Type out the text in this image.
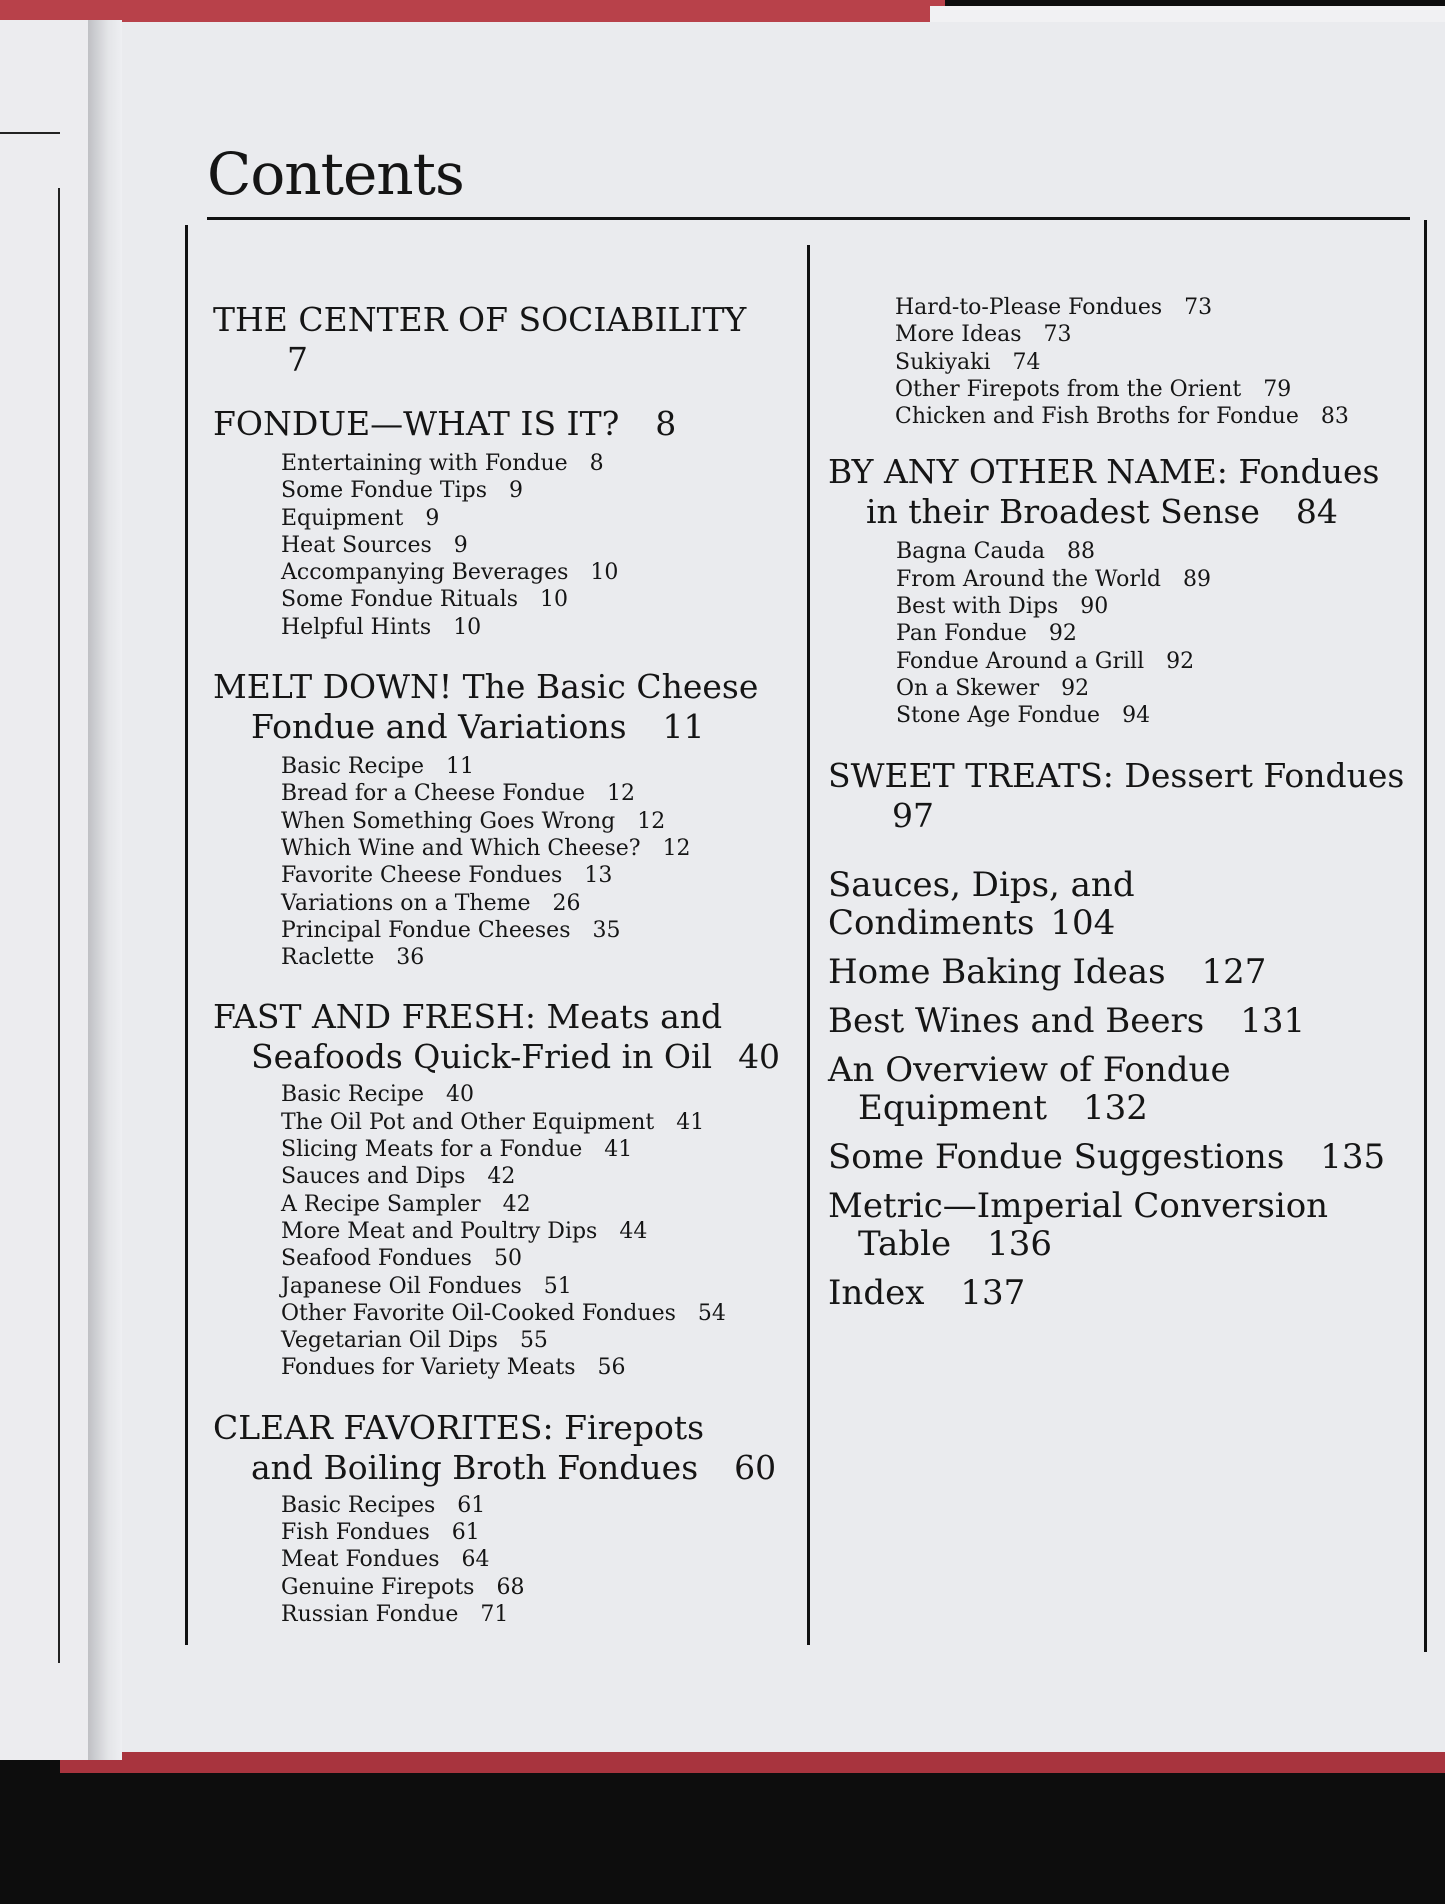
Contents
THE CENTER OF SOCIABILITY
7
FONDUE—WHAT IS IT? 8
Entertaining with Fondue 8
Some Fondue Tips 9
Equipment 9
Heat Sources 9
Accompanying Beverages 10
Some Fondue Rituals 10
Helpful Hints 10
MELT DOWN! The Basic Cheese
Fondue and Variations 11
Basic Recipe 11
Bread for a Cheese Fondue 12
When Something Goes Wrong 12
Which Wine and Which Cheese? 12
Favorite Cheese Fondues 13
Variations on a Theme 26
Principal Fondue Cheeses 35
Raclette 36
FAST AND FRESH: Meats and
Seafoods Quick-Fried in Oil 40
Basic Recipe 40
The Oil Pot and Other Equipment 41
Slicing Meats for a Fondue 41
Sauces and Dips 42
A Recipe Sampler 42
More Meat and Poultry Dips 44
Seafood Fondues 50
Japanese Oil Fondues 51
Other Favorite Oil-Cooked Fondues 54
Vegetarian Oil Dips 55
Fondues for Variety Meats 56
CLEAR FAVORITES: Firepots
and Boiling Broth Fondues 60
Basic Recipes 61
Fish Fondues 61
Meat Fondues 64
Genuine Firepots 68
Russian Fondue 71
Hard-to-Please Fondues 73
More Ideas 73
Sukiyaki 74
Other Firepots from the Orient 79
Chicken and Fish Broths for Fondue 83
BY ANY OTHER NAME: Fondues
in their Broadest Sense 84
Bagna Cauda 88
From Around the World 89
Best with Dips 90
Pan Fondue 92
Fondue Around a Grill 92
On a Skewer 92
Stone Age Fondue 94
SWEET TREATS: Dessert Fondues
97
Sauces, Dips, and Condiments 104
Home Baking Ideas 127
Best Wines and Beers 131
An Overview of Fondue
Equipment 132
Some Fondue Suggestions 135
Metric—Imperial Conversion
Table 136
Index 137
